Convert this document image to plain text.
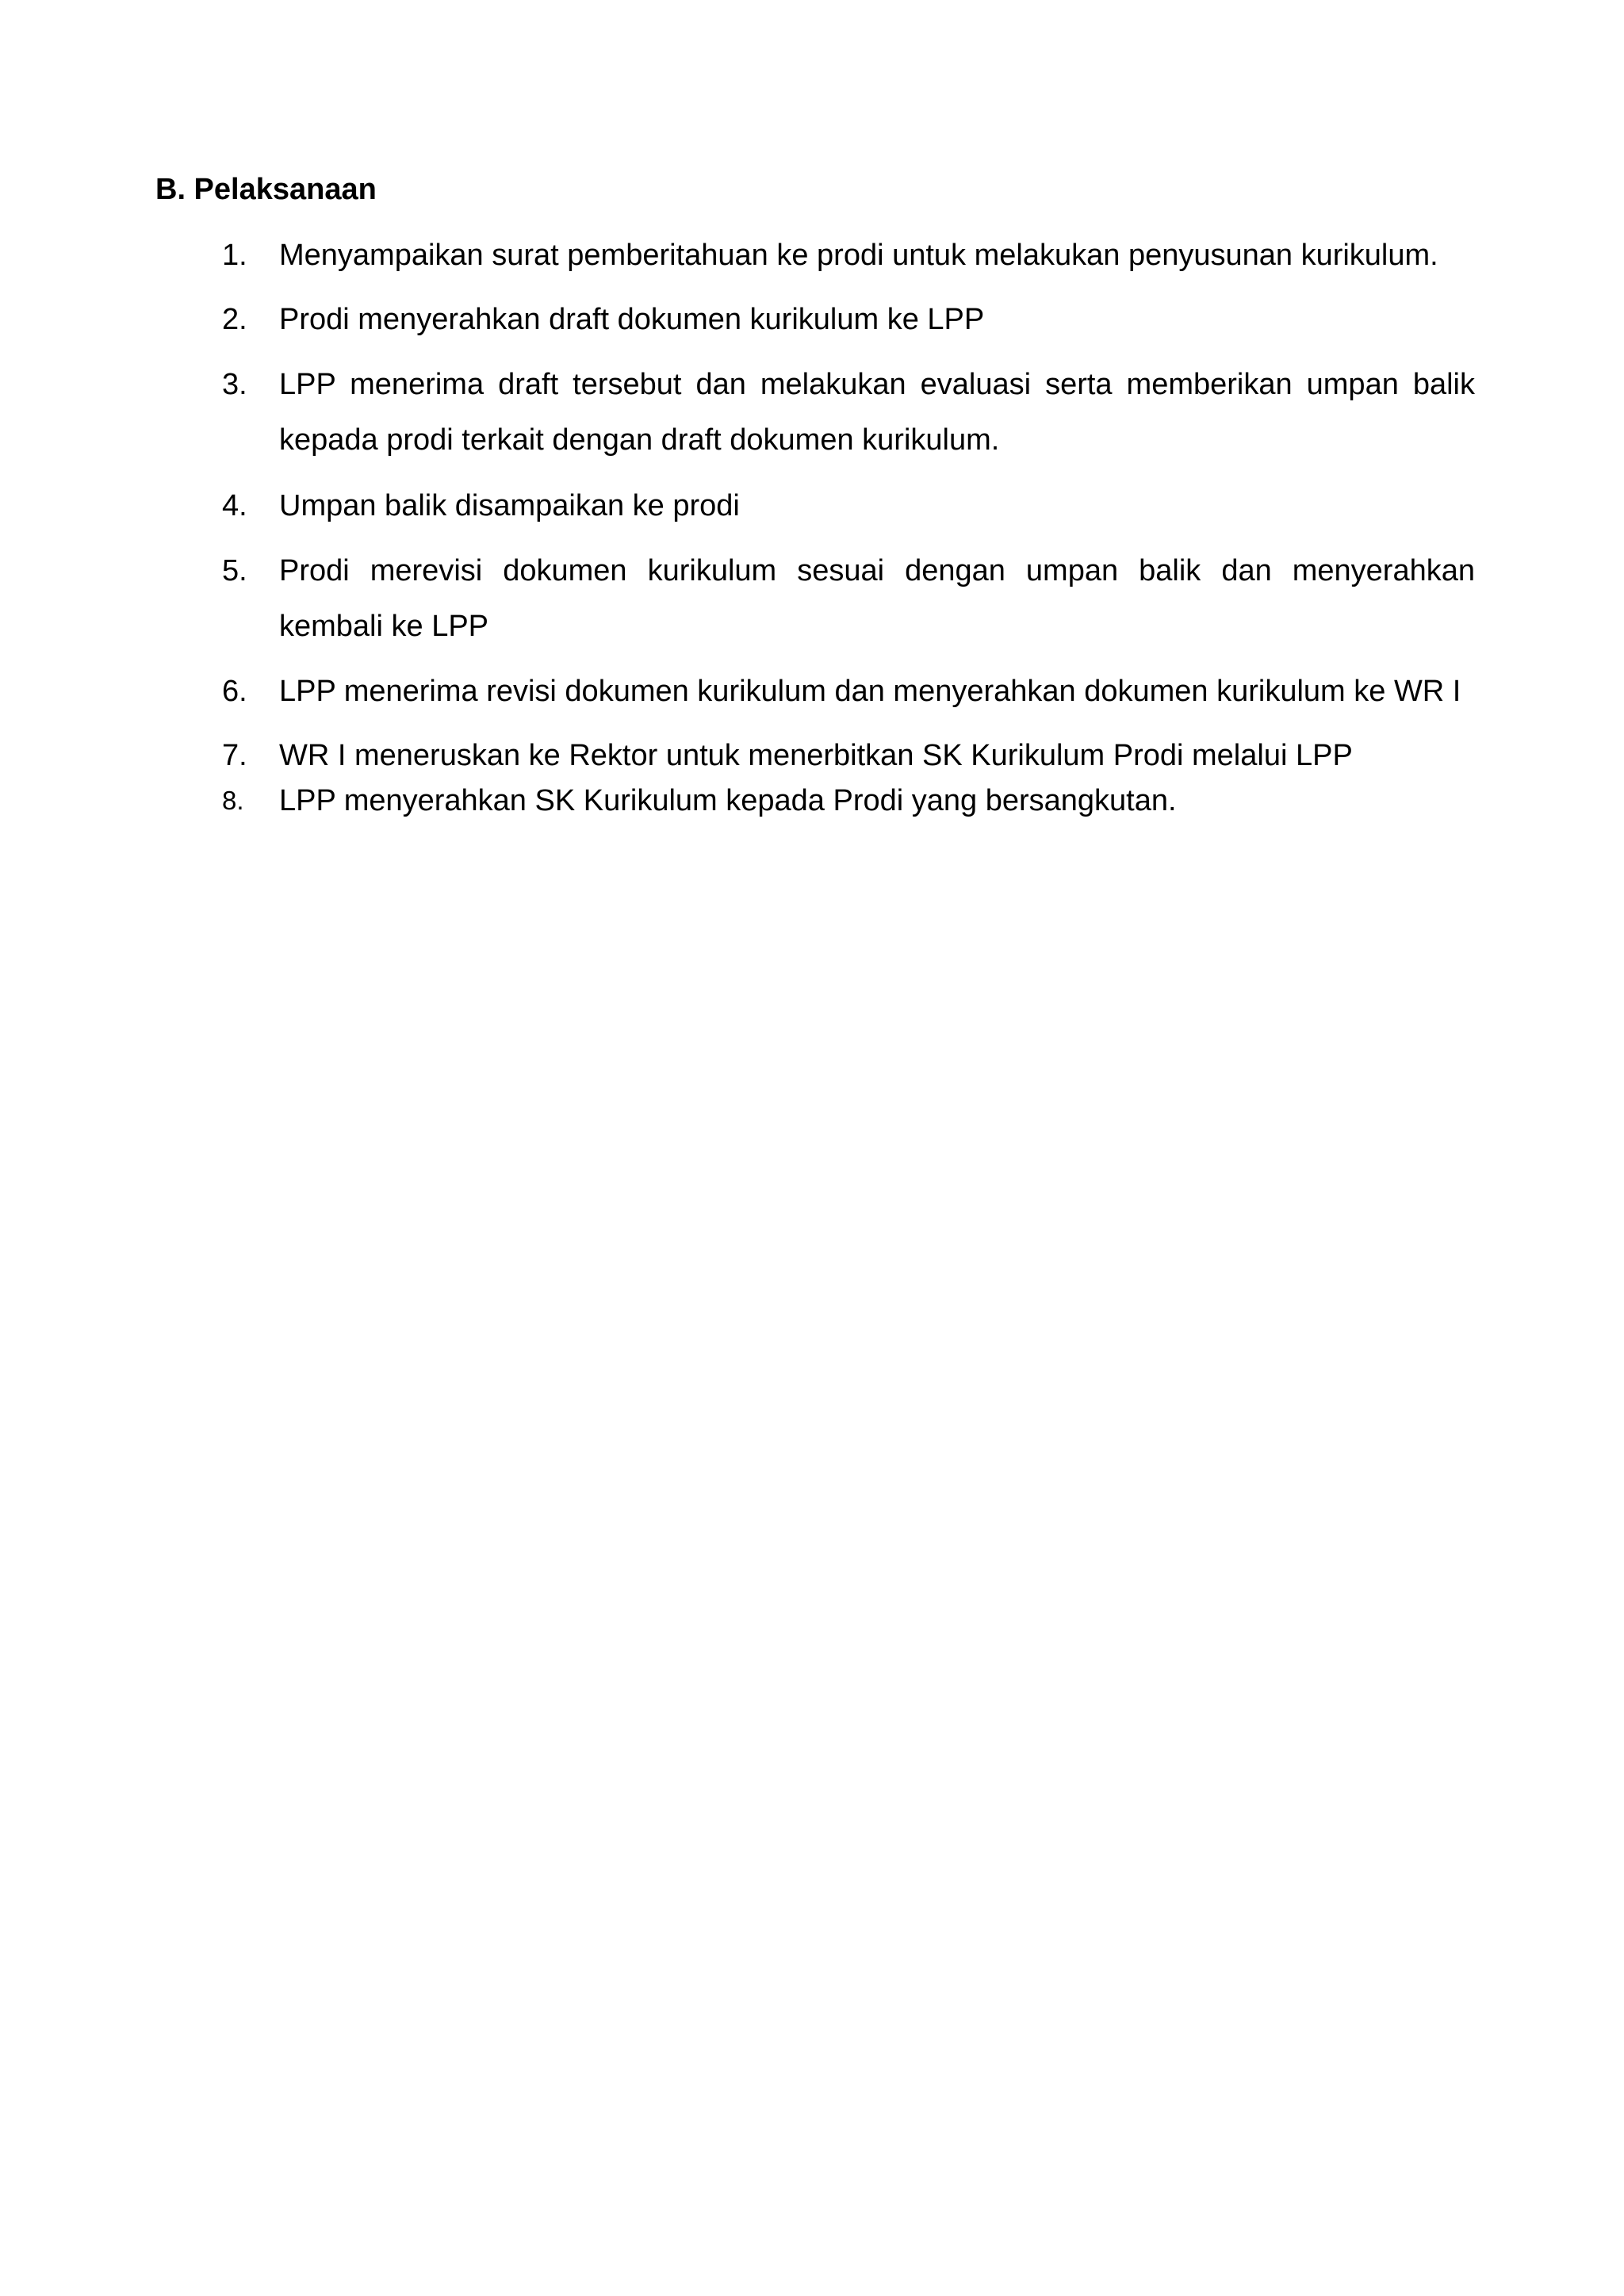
B. Pelaksanaan
1.	Menyampaikan surat pemberitahuan ke prodi untuk melakukan penyusunan kurikulum.
2.	Prodi menyerahkan draft dokumen kurikulum ke LPP
3.	LPP menerima draft tersebut dan melakukan evaluasi serta memberikan umpan balik kepada prodi terkait dengan draft dokumen kurikulum.
4.	Umpan balik disampaikan ke prodi
5.	Prodi merevisi dokumen kurikulum sesuai dengan umpan balik dan menyerahkan kembali ke LPP
6.	LPP menerima revisi dokumen kurikulum dan menyerahkan dokumen kurikulum ke WR I
7.	WR I meneruskan ke Rektor untuk menerbitkan SK Kurikulum Prodi melalui LPP
8.	LPP menyerahkan SK Kurikulum kepada Prodi yang bersangkutan.
